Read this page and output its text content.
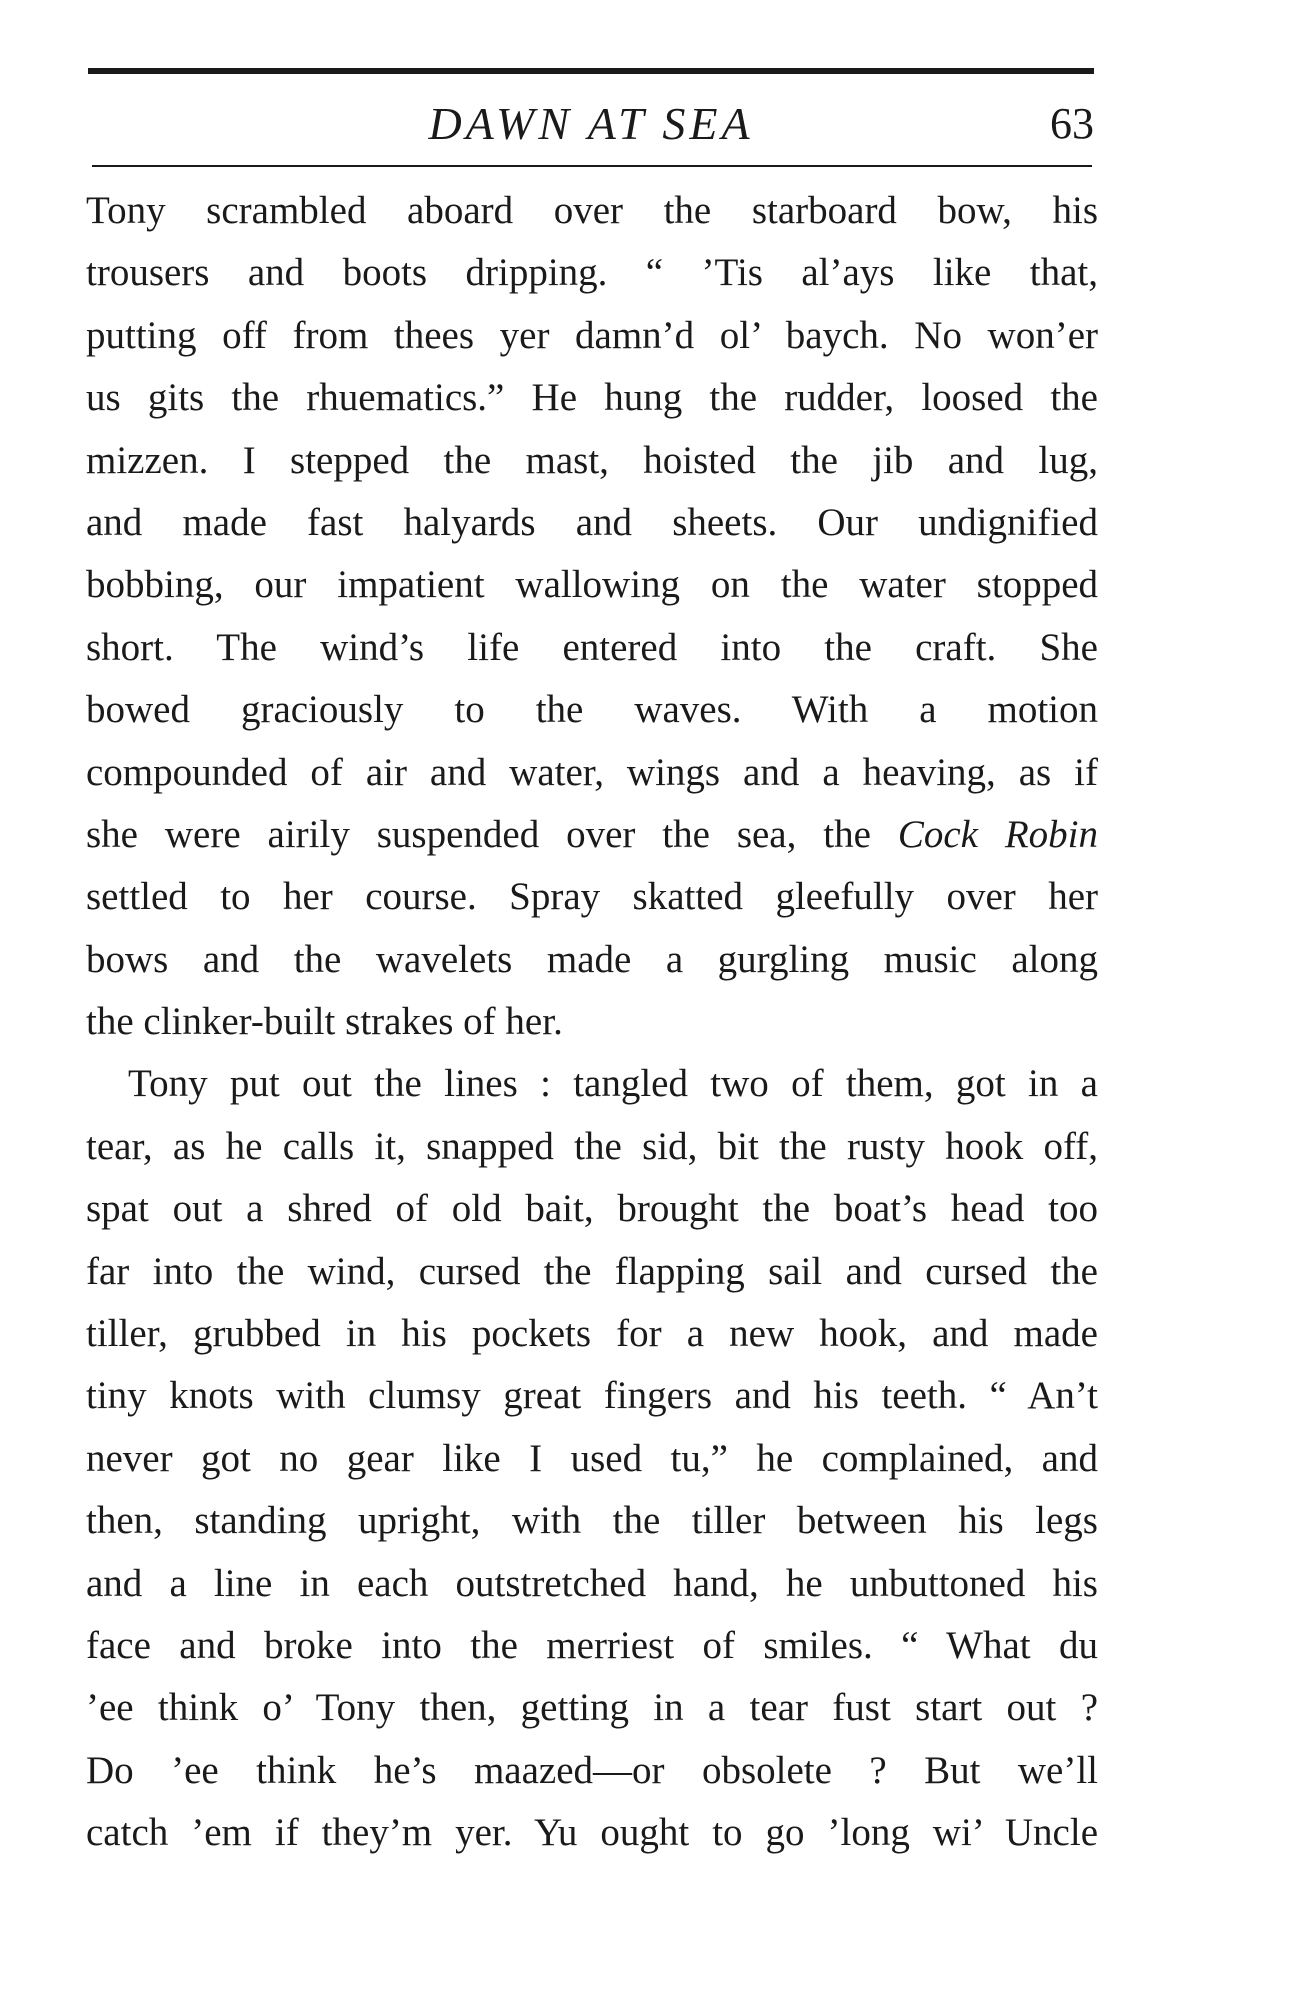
DAWN AT SEA	63
Tony scrambled aboard over the starboard bow, his
trousers and boots dripping. “ ’Tis al’ays like that,
putting off from thees yer damn’d ol’ baych. No won’er
us gits the rhuematics.” He hung the rudder, loosed the
mizzen. I stepped the mast, hoisted the jib and lug,
and made fast halyards and sheets. Our undignified
bobbing, our impatient wallowing on the water stopped
short. The wind’s life entered into the craft. She
bowed graciously to the waves. With a motion
compounded of air and water, wings and a heaving, as if
she were airily suspended over the sea, the Cock Robin
settled to her course. Spray skatted gleefully over her
bows and the wavelets made a gurgling music along
the clinker-built strakes of her.
Tony put out the lines : tangled two of them, got in a
tear, as he calls it, snapped the sid, bit the rusty hook off,
spat out a shred of old bait, brought the boat’s head too
far into the wind, cursed the flapping sail and cursed the
tiller, grubbed in his pockets for a new hook, and made
tiny knots with clumsy great fingers and his teeth. “ An’t
never got no gear like I used tu,” he complained, and
then, standing upright, with the tiller between his legs
and a line in each outstretched hand, he unbuttoned his
face and broke into the merriest of smiles. “ What du
’ee think o’ Tony then, getting in a tear fust start out ?
Do ’ee think he’s maazed—or obsolete ? But we’ll
catch ’em if they’m yer. Yu ought to go ’long wi’ Uncle
